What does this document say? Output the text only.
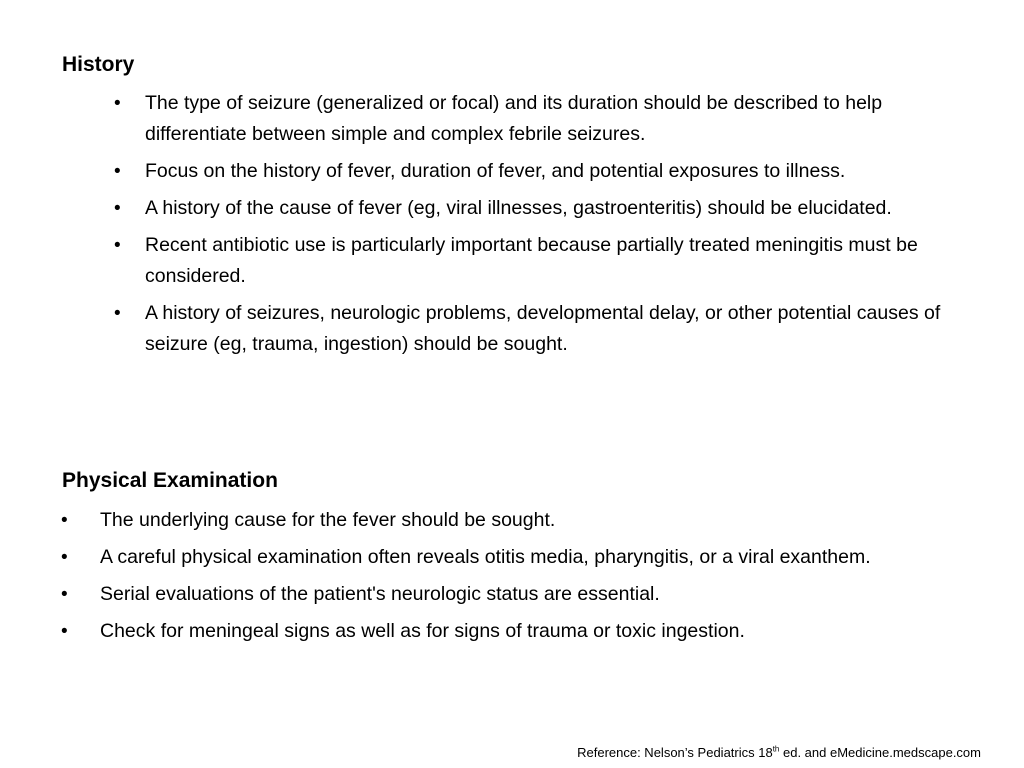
History
• The type of seizure (generalized or focal) and its duration should be described to help differentiate between simple and complex febrile seizures.
• Focus on the history of fever, duration of fever, and potential exposures to illness.
• A history of the cause of fever (eg, viral illnesses, gastroenteritis) should be elucidated.
• Recent antibiotic use is particularly important because partially treated meningitis must be considered.
• A history of seizures, neurologic problems, developmental delay, or other potential causes of seizure (eg, trauma, ingestion) should be sought.
Physical Examination
• The underlying cause for the fever should be sought.
• A careful physical examination often reveals otitis media, pharyngitis, or a viral exanthem.
• Serial evaluations of the patient's neurologic status are essential.
• Check for meningeal signs as well as for signs of trauma or toxic ingestion.
Reference: Nelson’s Pediatrics 18th ed. and eMedicine.medscape.com
